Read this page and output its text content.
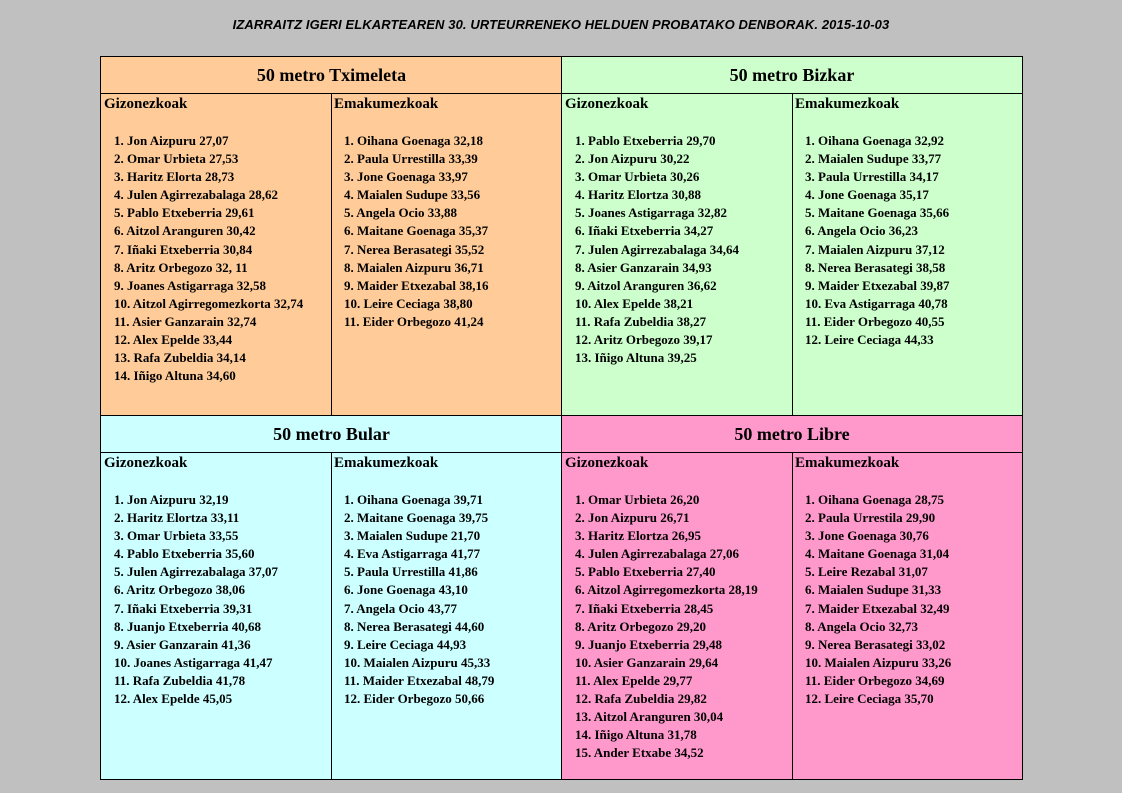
IZARRAITZ IGERI ELKARTEAREN 30. URTEURRENEKO HELDUEN PROBATAKO DENBORAK. 2015-10-03
50 metro Tximeleta
Gizonezkoak
1. Jon Aizpuru 27,07
2. Omar Urbieta 27,53
3. Haritz Elorta 28,73
4. Julen Agirrezabalaga 28,62
5. Pablo Etxeberria 29,61
6. Aitzol Aranguren 30,42
7. Iñaki Etxeberria 30,84
8. Aritz Orbegozo 32, 11
9. Joanes Astigarraga 32,58
10. Aitzol Agirregomezkorta 32,74
11. Asier Ganzarain 32,74
12. Alex Epelde 33,44
13. Rafa Zubeldia 34,14
14. Iñigo Altuna 34,60
Emakumezkoak
1. Oihana Goenaga 32,18
2. Paula Urrestilla 33,39
3. Jone Goenaga 33,97
4. Maialen Sudupe 33,56
5. Angela Ocio 33,88
6. Maitane Goenaga 35,37
7. Nerea Berasategi 35,52
8. Maialen Aizpuru 36,71
9. Maider Etxezabal 38,16
10. Leire Ceciaga 38,80
11. Eider Orbegozo 41,24
50 metro Bizkar
Gizonezkoak
1. Pablo Etxeberria 29,70
2. Jon Aizpuru 30,22
3. Omar Urbieta 30,26
4. Haritz Elortza 30,88
5. Joanes Astigarraga 32,82
6. Iñaki Etxeberria 34,27
7. Julen Agirrezabalaga 34,64
8. Asier Ganzarain 34,93
9. Aitzol Aranguren 36,62
10. Alex Epelde 38,21
11. Rafa Zubeldia 38,27
12. Aritz Orbegozo 39,17
13. Iñigo Altuna 39,25
Emakumezkoak
1. Oihana Goenaga 32,92
2. Maialen Sudupe 33,77
3. Paula Urrestilla 34,17
4. Jone Goenaga 35,17
5. Maitane Goenaga 35,66
6. Angela Ocio 36,23
7. Maialen Aizpuru 37,12
8. Nerea Berasategi 38,58
9. Maider Etxezabal 39,87
10. Eva Astigarraga 40,78
11. Eider Orbegozo 40,55
12. Leire Ceciaga 44,33
50 metro Bular
Gizonezkoak
1. Jon Aizpuru 32,19
2. Haritz Elortza 33,11
3. Omar Urbieta 33,55
4. Pablo Etxeberria 35,60
5. Julen Agirrezabalaga 37,07
6. Aritz Orbegozo 38,06
7. Iñaki Etxeberria 39,31
8. Juanjo Etxeberria 40,68
9. Asier Ganzarain 41,36
10. Joanes Astigarraga 41,47
11. Rafa Zubeldia 41,78
12. Alex Epelde 45,05
Emakumezkoak
1. Oihana Goenaga 39,71
2. Maitane Goenaga 39,75
3. Maialen Sudupe 21,70
4. Eva Astigarraga 41,77
5. Paula Urrestilla 41,86
6. Jone Goenaga 43,10
7. Angela Ocio 43,77
8. Nerea Berasategi 44,60
9. Leire Ceciaga 44,93
10. Maialen Aizpuru 45,33
11. Maider Etxezabal 48,79
12. Eider Orbegozo 50,66
50 metro Libre
Gizonezkoak
1. Omar Urbieta 26,20
2. Jon Aizpuru 26,71
3. Haritz Elortza 26,95
4. Julen Agirrezabalaga 27,06
5. Pablo Etxeberria 27,40
6. Aitzol Agirregomezkorta 28,19
7. Iñaki Etxeberria 28,45
8. Aritz Orbegozo 29,20
9. Juanjo Etxeberria 29,48
10. Asier Ganzarain 29,64
11. Alex Epelde 29,77
12. Rafa Zubeldia 29,82
13. Aitzol Aranguren 30,04
14. Iñigo Altuna 31,78
15. Ander Etxabe 34,52
Emakumezkoak
1. Oihana Goenaga 28,75
2. Paula Urrestila 29,90
3. Jone Goenaga 30,76
4. Maitane Goenaga 31,04
5. Leire Rezabal 31,07
6. Maialen Sudupe 31,33
7. Maider Etxezabal 32,49
8. Angela Ocio 32,73
9. Nerea Berasategi 33,02
10. Maialen Aizpuru 33,26
11. Eider Orbegozo 34,69
12. Leire Ceciaga 35,70
